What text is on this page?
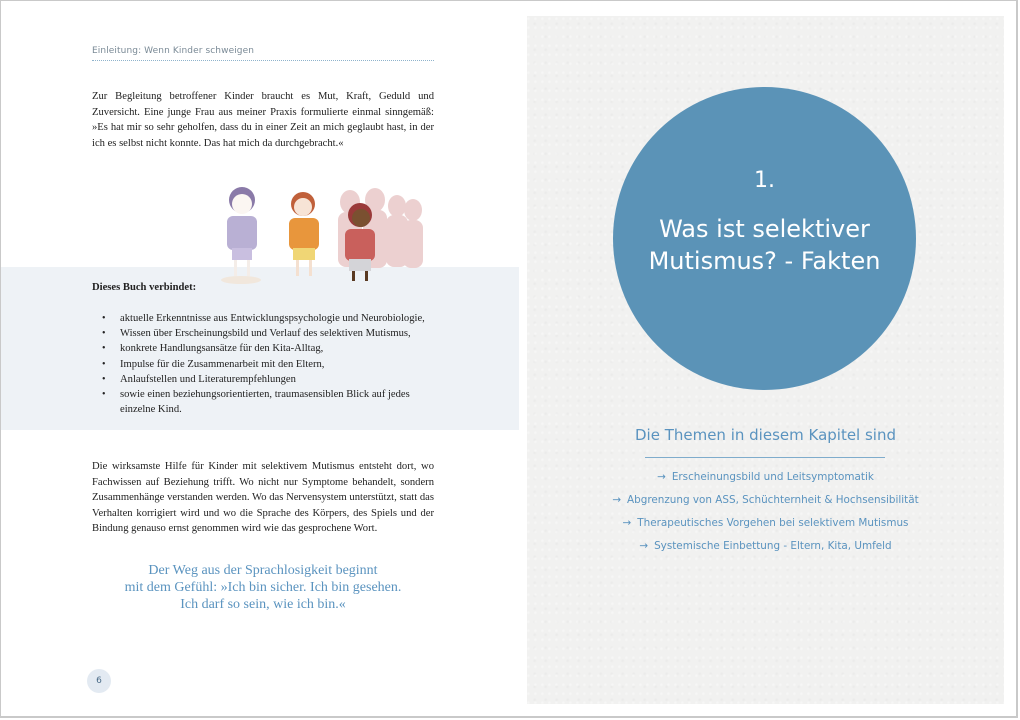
Einleitung: Wenn Kinder schweigen
Zur Begleitung betroffener Kinder braucht es Mut, Kraft, Geduld und Zuversicht. Eine junge Frau aus meiner Praxis formulierte einmal sinngemäß: »Es hat mir so sehr geholfen, dass du in einer Zeit an mich geglaubt hast, in der ich es selbst nicht konnte. Das hat mich da durchgebracht.«
Dieses Buch verbindet:
• aktuelle Erkenntnisse aus Entwicklungspsychologie und Neurobiologie,
• Wissen über Erscheinungsbild und Verlauf des selektiven Mutismus,
• konkrete Handlungsansätze für den Kita-Alltag,
• Impulse für die Zusammenarbeit mit den Eltern,
• Anlaufstellen und Literaturempfehlungen
• sowie einen beziehungsorientierten, traumasensiblen Blick auf jedes einzelne Kind.
Die wirksamste Hilfe für Kinder mit selektivem Mutismus entsteht dort, wo Fachwissen auf Beziehung trifft. Wo nicht nur Symptome behandelt, sondern Zusammenhänge verstanden werden. Wo das Nervensystem unterstützt, statt das Verhalten korrigiert wird und wo die Sprache des Körpers, des Spiels und der Bindung genauso ernst genommen wird wie das gesprochene Wort.
Der Weg aus der Sprachlosigkeit beginnt
mit dem Gefühl: »Ich bin sicher. Ich bin gesehen.
Ich darf so sein, wie ich bin.«
6
1.
Was ist selektiver
Mutismus? - Fakten
Die Themen in diesem Kapitel sind
→ Erscheinungsbild und Leitsymptomatik
→ Abgrenzung von ASS, Schüchternheit & Hochsensibilität
→ Therapeutisches Vorgehen bei selektivem Mutismus
→ Systemische Einbettung - Eltern, Kita, Umfeld
